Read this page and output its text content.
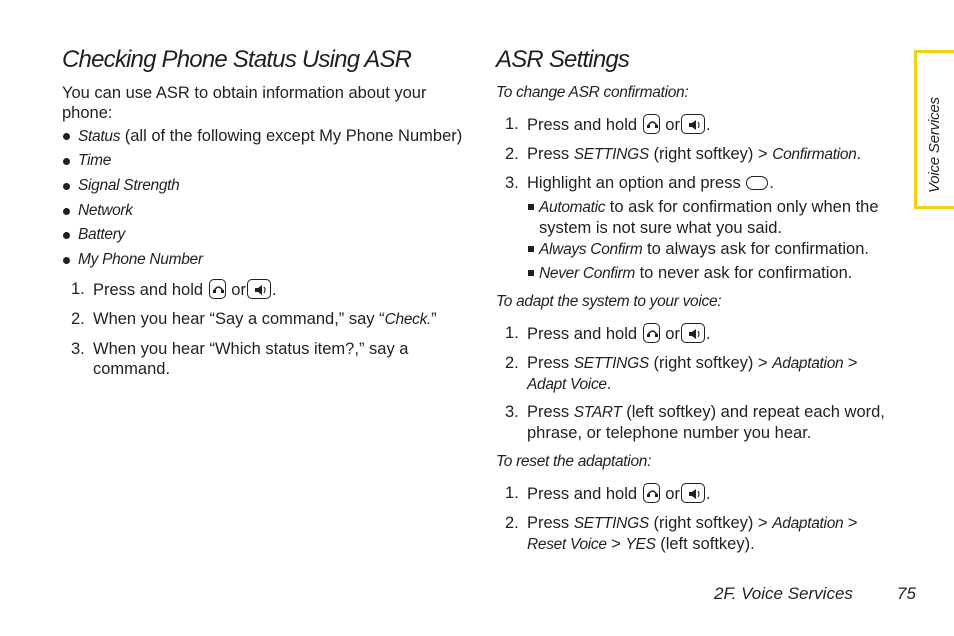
Checking Phone Status Using ASR
You can use ASR to obtain information about your
phone:
Status (all of the following except My Phone Number)
Time
Signal Strength
Network
Battery
My Phone Number
1. Press and hold or .
2. When you hear “Say a command,” say “Check.”
3. When you hear “Which status item?,” say a
command.
ASR Settings
To change ASR confirmation:
1. Press and hold or .
2. Press SETTINGS (right softkey) > Confirmation.
3. Highlight an option and press .
Automatic to ask for confirmation only when the
system is not sure what you said.
Always Confirm to always ask for confirmation.
Never Confirm to never ask for confirmation.
To adapt the system to your voice:
1. Press and hold or .
2. Press SETTINGS (right softkey) > Adaptation >
Adapt Voice.
3. Press START (left softkey) and repeat each word,
phrase, or telephone number you hear.
To reset the adaptation:
1. Press and hold or .
2. Press SETTINGS (right softkey) > Adaptation >
Reset Voice > YES (left softkey).
Voice Services
2F. Voice Services	75
